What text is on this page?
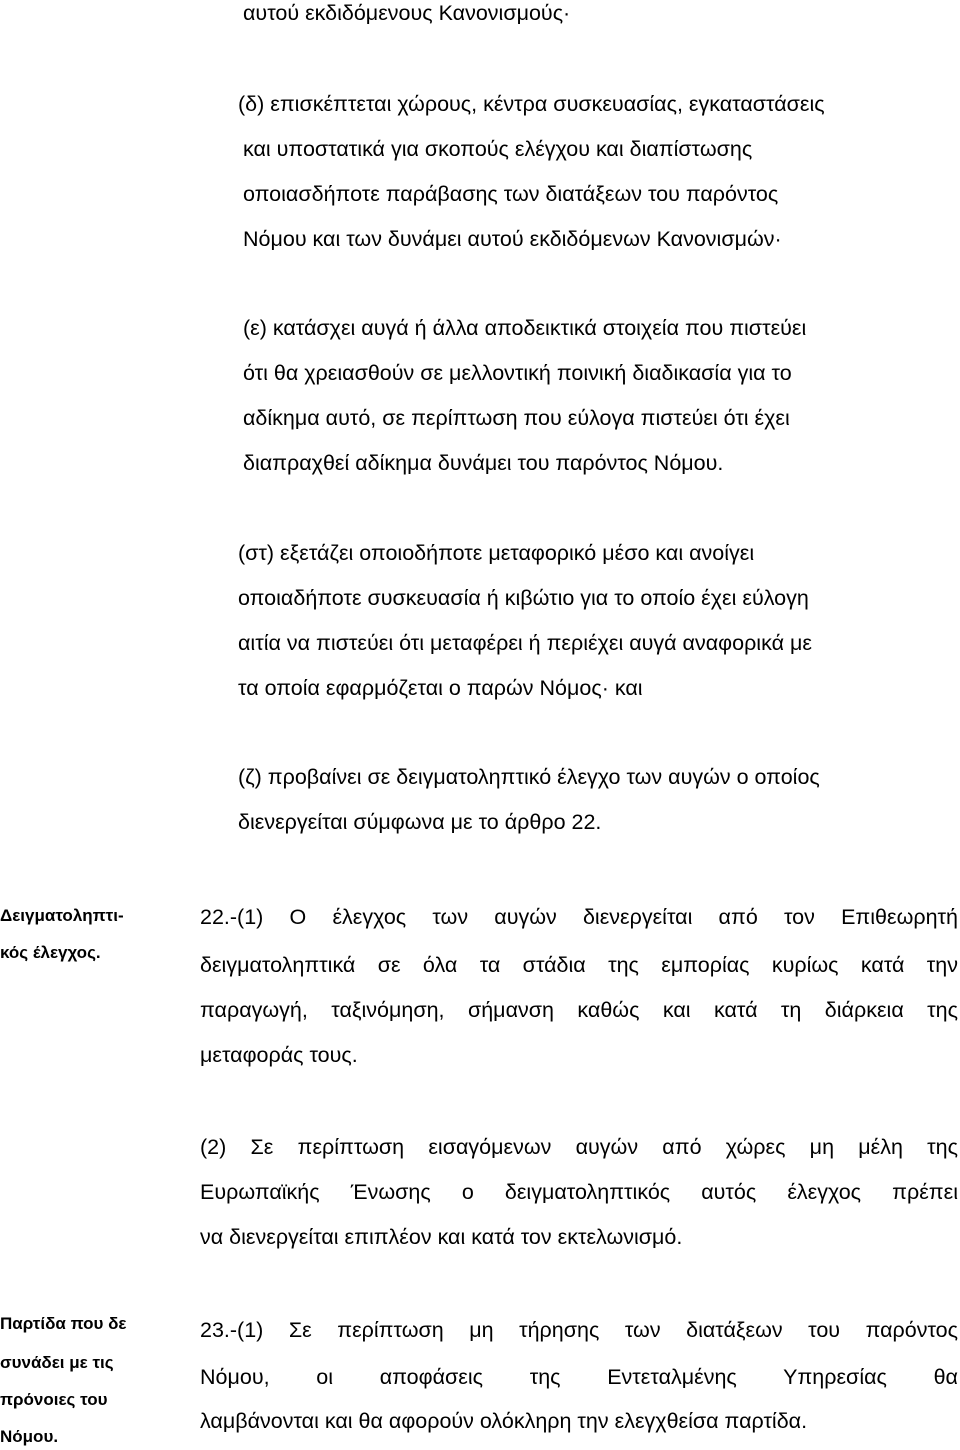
αυτού εκδιδόμενους Κανονισμούς·
(δ) επισκέπτεται χώρους, κέντρα συσκευασίας, εγκαταστάσεις
και υποστατικά για σκοπούς ελέγχου και διαπίστωσης
οποιασδήποτε παράβασης των διατάξεων του παρόντος
Νόμου και των δυνάμει αυτού εκδιδόμενων Κανονισμών·
(ε) κατάσχει αυγά ή άλλα αποδεικτικά στοιχεία που πιστεύει
ότι θα χρειασθούν σε μελλοντική ποινική διαδικασία για το
αδίκημα αυτό, σε περίπτωση που εύλογα πιστεύει ότι έχει
διαπραχθεί αδίκημα δυνάμει του παρόντος Νόμου.
(στ) εξετάζει οποιοδήποτε μεταφορικό μέσο και ανοίγει
οποιαδήποτε συσκευασία ή κιβώτιο για το οποίο έχει εύλογη
αιτία να πιστεύει ότι μεταφέρει ή περιέχει αυγά αναφορικά με
τα οποία εφαρμόζεται ο παρών Νόμος· και
(ζ) προβαίνει σε δειγματοληπτικό έλεγχο των αυγών ο οποίος
διενεργείται σύμφωνα με το άρθρο 22.
Δειγματοληπτι-
κός έλεγχος.
22.-(1) Ο έλεγχος των αυγών διενεργείται από τον Επιθεωρητή
δειγματοληπτικά σε όλα τα στάδια της εμπορίας κυρίως κατά την
παραγωγή, ταξινόμηση, σήμανση καθώς και κατά τη διάρκεια της
μεταφοράς τους.
(2) Σε περίπτωση εισαγόμενων αυγών από χώρες μη μέλη της
Ευρωπαϊκής Ένωσης ο δειγματοληπτικός αυτός έλεγχος πρέπει
να διενεργείται επιπλέον και κατά τον εκτελωνισμό.
Παρτίδα που δε
συνάδει με τις
πρόνοιες του
Νόμου.
23.-(1) Σε περίπτωση μη τήρησης των διατάξεων του παρόντος
Νόμου, οι αποφάσεις της Εντεταλμένης Υπηρεσίας θα
λαμβάνονται και θα αφορούν ολόκληρη την ελεγχθείσα παρτίδα.
